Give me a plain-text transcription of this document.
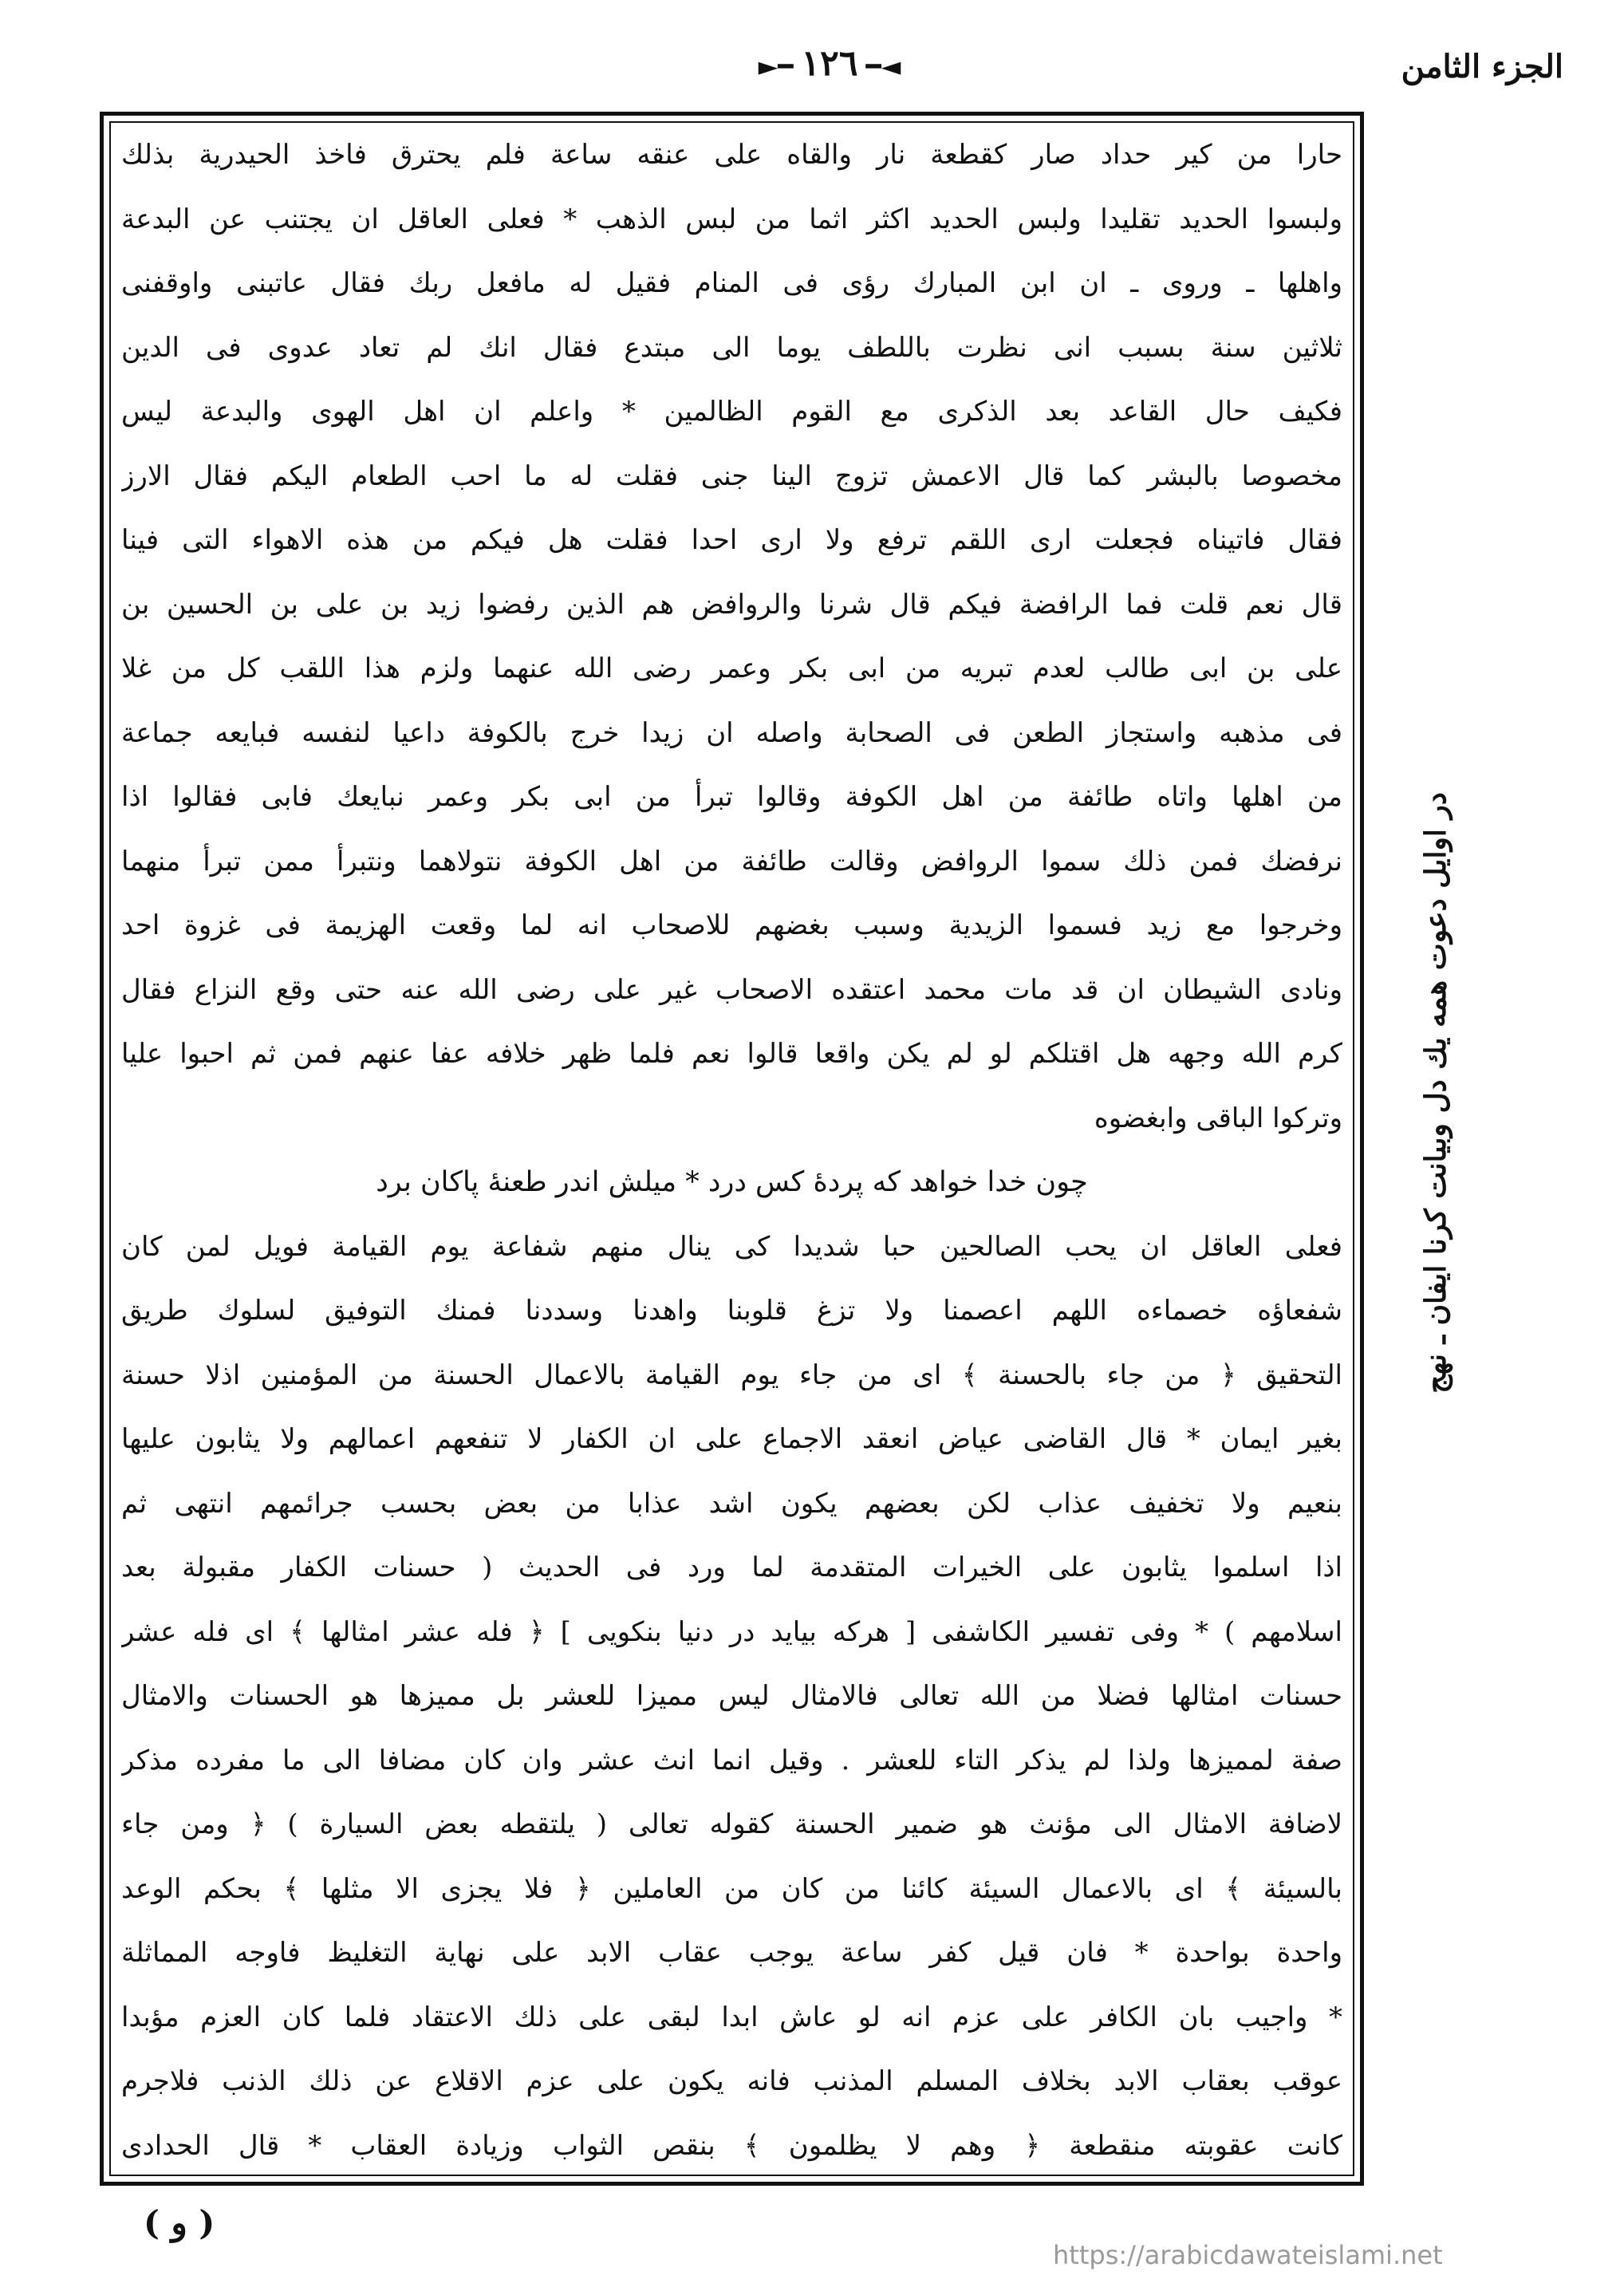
الجزء الثامن
◄━١٢٦━►
حارا من كير حداد صار كقطعة نار والقاه على عنقه ساعة فلم يحترق فاخذ الحيدرية بذلك
ولبسوا الحديد تقليدا ولبس الحديد اكثر اثما من لبس الذهب * فعلى العاقل ان يجتنب عن البدعة
واهلها ـ وروى ـ ان ابن المبارك رؤى فى المنام فقيل له مافعل ربك فقال عاتبنى واوقفنى
ثلاثين سنة بسبب انى نظرت باللطف يوما الى مبتدع فقال انك لم تعاد عدوى فى الدين
فكيف حال القاعد بعد الذكرى مع القوم الظالمين * واعلم ان اهل الهوى والبدعة ليس
مخصوصا بالبشر كما قال الاعمش تزوج الينا جنى فقلت له ما احب الطعام اليكم فقال الارز
فقال فاتيناه فجعلت ارى اللقم ترفع ولا ارى احدا فقلت هل فيكم من هذه الاهواء التى فينا
قال نعم قلت فما الرافضة فيكم قال شرنا والروافض هم الذين رفضوا زيد بن على بن الحسين بن
على بن ابى طالب لعدم تبريه من ابى بكر وعمر رضى الله عنهما ولزم هذا اللقب كل من غلا
فى مذهبه واستجاز الطعن فى الصحابة واصله ان زيدا خرج بالكوفة داعيا لنفسه فبايعه جماعة
من اهلها واتاه طائفة من اهل الكوفة وقالوا تبرأ من ابى بكر وعمر نبايعك فابى فقالوا اذا
نرفضك فمن ذلك سموا الروافض وقالت طائفة من اهل الكوفة نتولاهما ونتبرأ ممن تبرأ منهما
وخرجوا مع زيد فسموا الزيدية وسبب بغضهم للاصحاب انه لما وقعت الهزيمة فى غزوة احد
ونادى الشيطان ان قد مات محمد اعتقده الاصحاب غير على رضى الله عنه حتى وقع النزاع فقال
كرم الله وجهه هل اقتلكم لو لم يكن واقعا قالوا نعم فلما ظهر خلافه عفا عنهم فمن ثم احبوا عليا
وتركوا الباقى وابغضوه
چون خدا خواهد كه پردهٔ كس درد * ميلش اندر طعنهٔ پاكان برد
فعلى العاقل ان يحب الصالحين حبا شديدا كى ينال منهم شفاعة يوم القيامة فويل لمن كان
شفعاؤه خصماءه اللهم اعصمنا ولا تزغ قلوبنا واهدنا وسددنا فمنك التوفيق لسلوك طريق
التحقيق ﴿ من جاء بالحسنة ﴾ اى من جاء يوم القيامة بالاعمال الحسنة من المؤمنين اذلا حسنة
بغير ايمان * قال القاضى عياض انعقد الاجماع على ان الكفار لا تنفعهم اعمالهم ولا يثابون عليها
بنعيم ولا تخفيف عذاب لكن بعضهم يكون اشد عذابا من بعض بحسب جرائمهم انتهى ثم
اذا اسلموا يثابون على الخيرات المتقدمة لما ورد فى الحديث ( حسنات الكفار مقبولة بعد
اسلامهم ) * وفى تفسير الكاشفى [ هركه بيايد در دنيا بنكويى ] ﴿ فله عشر امثالها ﴾ اى فله عشر
حسنات امثالها فضلا من الله تعالى فالامثال ليس مميزا للعشر بل مميزها هو الحسنات والامثال
صفة لمميزها ولذا لم يذكر التاء للعشر . وقيل انما انث عشر وان كان مضافا الى ما مفرده مذكر
لاضافة الامثال الى مؤنث هو ضمير الحسنة كقوله تعالى ( يلتقطه بعض السيارة ) ﴿ ومن جاء
بالسيئة ﴾ اى بالاعمال السيئة كائنا من كان من العاملين ﴿ فلا يجزى الا مثلها ﴾ بحكم الوعد
واحدة بواحدة * فان قيل كفر ساعة يوجب عقاب الابد على نهاية التغليظ فاوجه المماثلة
* واجيب بان الكافر على عزم انه لو عاش ابدا لبقى على ذلك الاعتقاد فلما كان العزم مؤبدا
عوقب بعقاب الابد بخلاف المسلم المذنب فانه يكون على عزم الاقلاع عن ذلك الذنب فلاجرم
كانت عقوبته منقطعة ﴿ وهم لا يظلمون ﴾ بنقص الثواب وزيادة العقاب * قال الحدادى
در اوايل دعوت همه يك دل وبيانت كرنا ايفان ـ نهج
( و )
https://arabicdawateislami.net
